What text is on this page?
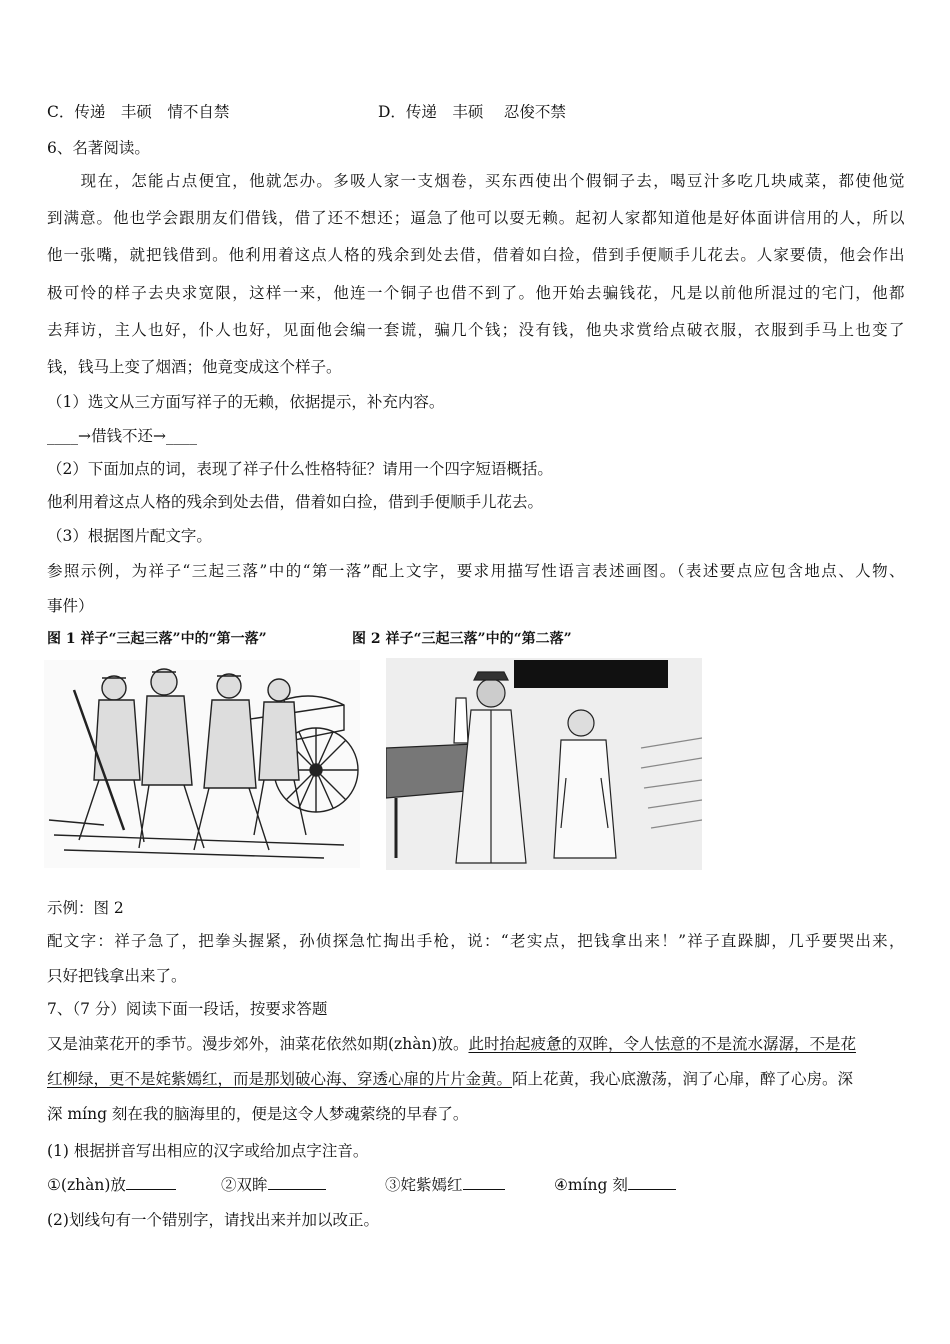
C．传递　丰硕　情不自禁	D．传递　丰硕　 忍俊不禁
6、名著阅读。
　　现在，怎能占点便宜，他就怎办。多吸人家一支烟卷，买东西使出个假铜子去，喝豆汁多吃几块咸菜，都使他觉
到满意。他也学会跟朋友们借钱，借了还不想还；逼急了他可以耍无赖。起初人家都知道他是好体面讲信用的人，所以
他一张嘴，就把钱借到。他利用着这点人格的残余到处去借，借着如白捡，借到手便顺手儿花去。人家要债，他会作出
极可怜的样子去央求宽限，这样一来，他连一个铜子也借不到了。他开始去骗钱花，凡是以前他所混过的宅门，他都
去拜访，主人也好，仆人也好，见面他会编一套谎，骗几个钱；没有钱，他央求赏给点破衣服，衣服到手马上也变了
钱，钱马上变了烟酒；他竟变成这个样子。
（1）选文从三方面写祥子的无赖，依据提示，补充内容。
____→借钱不还→____
（2）下面加点的词，表现了祥子什么性格特征？请用一个四字短语概括。
他利用着这点人格的残余到处去借，借着如白捡，借到手便顺手儿花去。
（3）根据图片配文字。
参照示例，为祥子“三起三落”中的“第一落”配上文字，要求用描写性语言表述画图。（表述要点应包含地点、人物、
事件）
图 1 祥子“三起三落”中的“第一落”	图 2 祥子“三起三落”中的“第二落”
示例：图 2
配文字：祥子急了，把拳头握紧，孙侦探急忙掏出手枪，说：“老实点，把钱拿出来！”祥子直跺脚，几乎要哭出来，
只好把钱拿出来了。
7、（7 分）阅读下面一段话，按要求答题
又是油菜花开的季节。漫步郊外，油菜花依然如期(zhàn)放。此时抬起疲惫的双眸，令人怯意的不是流水潺潺，不是花
红柳绿，更不是姹紫嫣红，而是那划破心海、穿透心扉的片片金黄。陌上花黄，我心底激荡，润了心扉，醉了心房。深
深 míng 刻在我的脑海里的，便是这令人梦魂萦绕的早春了。
(1) 根据拼音写出相应的汉字或给加点字注音。
①(zhàn)放	②双眸	③姹紫嫣红	④míng 刻
(2)划线句有一个错别字，请找出来并加以改正。
